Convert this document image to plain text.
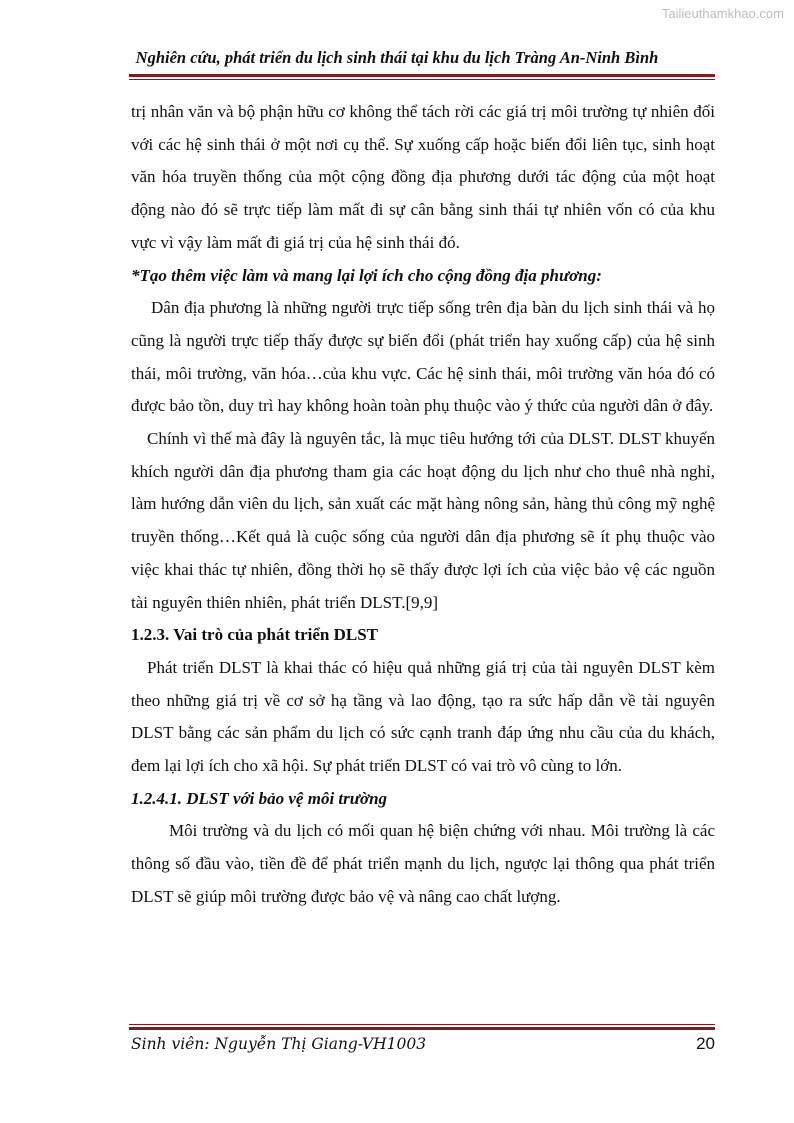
Tailieuthamkhao.com
Nghiên cứu, phát triển du lịch sinh thái tại khu du lịch Tràng An-Ninh Bình

trị nhân văn và bộ phận hữu cơ không thể tách rời các giá trị môi trường tự nhiên đối với các hệ sinh thái ở một nơi cụ thể. Sự xuống cấp hoặc biến đổi liên tục, sinh hoạt văn hóa truyền thống của một cộng đồng địa phương dưới tác động của một hoạt động nào đó sẽ trực tiếp làm mất đi sự cân bằng sinh thái tự nhiên vốn có của khu vực vì vậy làm mất đi giá trị của hệ sinh thái đó.

*Tạo thêm việc làm và mang lại lợi ích cho cộng đồng địa phương:

Dân địa phương là những người trực tiếp sống trên địa bàn du lịch sinh thái và họ cũng là người trực tiếp thấy được sự biến đổi (phát triển hay xuống cấp) của hệ sinh thái, môi trường, văn hóa…của khu vực. Các hệ sinh thái, môi trường văn hóa đó có được bảo tồn, duy trì hay không hoàn toàn phụ thuộc vào ý thức của người dân ở đây.

Chính vì thế mà đây là nguyên tắc, là mục tiêu hướng tới của DLST. DLST khuyến khích người dân địa phương tham gia các hoạt động du lịch như cho thuê nhà nghỉ, làm hướng dẫn viên du lịch, sản xuất các mặt hàng nông sản, hàng thủ công mỹ nghệ truyền thống…Kết quả là cuộc sống của người dân địa phương sẽ ít phụ thuộc vào việc khai thác tự nhiên, đồng thời họ sẽ thấy được lợi ích của việc bảo vệ các nguồn tài nguyên thiên nhiên, phát triển DLST.[9,9]

1.2.3. Vai trò của phát triển DLST

Phát triển DLST là khai thác có hiệu quả những giá trị của tài nguyên DLST kèm theo những giá trị về cơ sở hạ tầng và lao động, tạo ra sức hấp dẫn về tài nguyên DLST bằng các sản phẩm du lịch có sức cạnh tranh đáp ứng nhu cầu của du khách, đem lại lợi ích cho xã hội. Sự phát triển DLST có vai trò vô cùng to lớn.

1.2.4.1. DLST với bảo vệ môi trường

Môi trường và du lịch có mối quan hệ biện chứng với nhau. Môi trường là các thông số đầu vào, tiền đề để phát triển mạnh du lịch, ngược lại thông qua phát triển DLST sẽ giúp môi trường được bảo vệ và nâng cao chất lượng.

Sinh viên: Nguyễn Thị Giang-VH1003	20
